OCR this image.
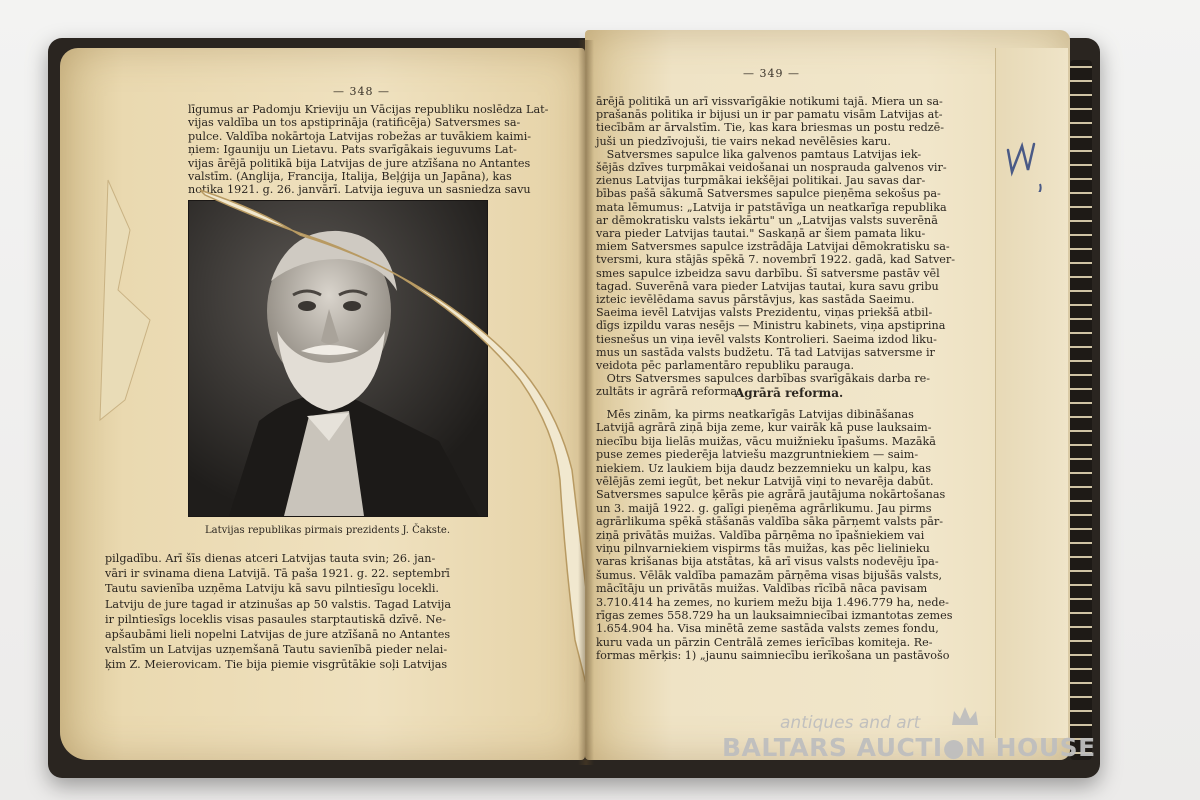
— 348 —
līgumus ar Padomju Krieviju un Vācijas republiku noslēdza Lat-
vijas valdība un tos apstiprināja (ratificēja) Satversmes sa-
pulce. Valdība nokārtoja Latvijas robežas ar tuvākiem kaimi-
ņiem: Igauniju un Lietavu. Pats svarīgākais ieguvums Lat-
vijas ārējā politikā bija Latvijas de jure atzīšana no Antantes
valstīm. (Anglija, Francija, Italija, Beļģija un Japāna), kas
notika 1921. g. 26. janvārī. Latvija ieguva un sasniedza savu
Latvijas republikas pirmais prezidents J. Čakste.
pilgadību. Arī šīs dienas atceri Latvijas tauta svin; 26. jan-
vāri ir svinama diena Latvijā. Tā paša 1921. g. 22. septembrī
Tautu savienība uzņēma Latviju kā savu pilntiesīgu locekli.
Latviju de jure tagad ir atzinušas ap 50 valstis. Tagad Latvija
ir pilntiesīgs loceklis visas pasaules starptautiskā dzīvē. Ne-
apšaubāmi lieli nopelni Latvijas de jure atzīšanā no Antantes
valstīm un Latvijas uzņemšanā Tautu savienībā pieder nelai-
ķim Z. Meierovicam. Tie bija piemie visgrūtākie soļi Latvijas
— 349 —
ārējā politikā un arī vissvarīgākie notikumi tajā. Miera un sa-
prašanās politika ir bijusi un ir par pamatu visām Latvijas at-
tiecībām ar ārvalstīm. Tie, kas kara briesmas un postu redzē-
juši un piedzīvojuši, tie vairs nekad nevēlēsies karu.
Satversmes sapulce lika galvenos pamtaus Latvijas iek-
šējās dzīves turpmākai veidošanai un nosprauda galvenos vir-
zienus Latvijas turpmākai iekšējai politikai. Jau savas dar-
bības pašā sākumā Satversmes sapulce pieņēma sekošus pa-
mata lēmumus: „Latvija ir patstāvīga un neatkarīga republika
ar dēmokratisku valsts iekārtu" un „Latvijas valsts suverēnā
vara pieder Latvijas tautai." Saskaņā ar šiem pamata liku-
miem Satversmes sapulce izstrādāja Latvijai dēmokratisku sa-
tversmi, kura stājās spēkā 7. novembrī 1922. gadā, kad Satver-
smes sapulce izbeidza savu darbību. Šī satversme pastāv vēl
tagad. Suverēnā vara pieder Latvijas tautai, kura savu gribu
izteic ievēlēdama savus pārstāvjus, kas sastāda Saeimu.
Saeima ievēl Latvijas valsts Prezidentu, viņas priekšā atbil-
dīgs izpildu varas nesējs — Ministru kabinets, viņa apstiprina
tiesnešus un viņa ievēl valsts Kontrolieri. Saeima izdod liku-
mus un sastāda valsts budžetu. Tā tad Latvijas satversme ir
veidota pēc parlamentāro republiku parauga.
Otrs Satversmes sapulces darbības svarīgākais darba re-
zultāts ir agrārā reforma.
Agrārā reforma.
Mēs zinām, ka pirms neatkarīgās Latvijas dibināšanas
Latvijā agrārā ziņā bija zeme, kur vairāk kā puse lauksaim-
niecību bija lielās muižas, vācu muižnieku īpašums. Mazākā
puse zemes piederēja latviešu mazgruntniekiem — saim-
niekiem. Uz laukiem bija daudz bezzemnieku un kalpu, kas
vēlējās zemi iegūt, bet nekur Latvijā viņi to nevarēja dabūt.
Satversmes sapulce ķērās pie agrārā jautājuma nokārtošanas
un 3. maijā 1922. g. galīgi pieņēma agrārlikumu. Jau pirms
agrārlikuma spēkā stāšanās valdība sāka pārņemt valsts pār-
ziņā privātās muižas. Valdība pārņēma no īpašniekiem vai
viņu pilnvarniekiem vispirms tās muižas, kas pēc lielinieku
varas krišanas bija atstātas, kā arī visus valsts nodevēju īpa-
šumus. Vēlāk valdība pamazām pārņēma visas bijušās valsts,
mācītāju un privātās muižas. Valdības rīcībā nāca pavisam
3.710.414 ha zemes, no kuriem mežu bija 1.496.779 ha, nede-
rīgas zemes 558.729 ha un lauksaimniecībai izmantotas zemes
1.654.904 ha. Visa minētā zeme sastāda valsts zemes fondu,
kuru vada un pārzin Centrālā zemes ierīcības komiteja. Re-
formas mērķis: 1) „jaunu saimniecību ierīkošana un pastāvošo
antiques and art
BALTARS AUCTI●N HOUSE
